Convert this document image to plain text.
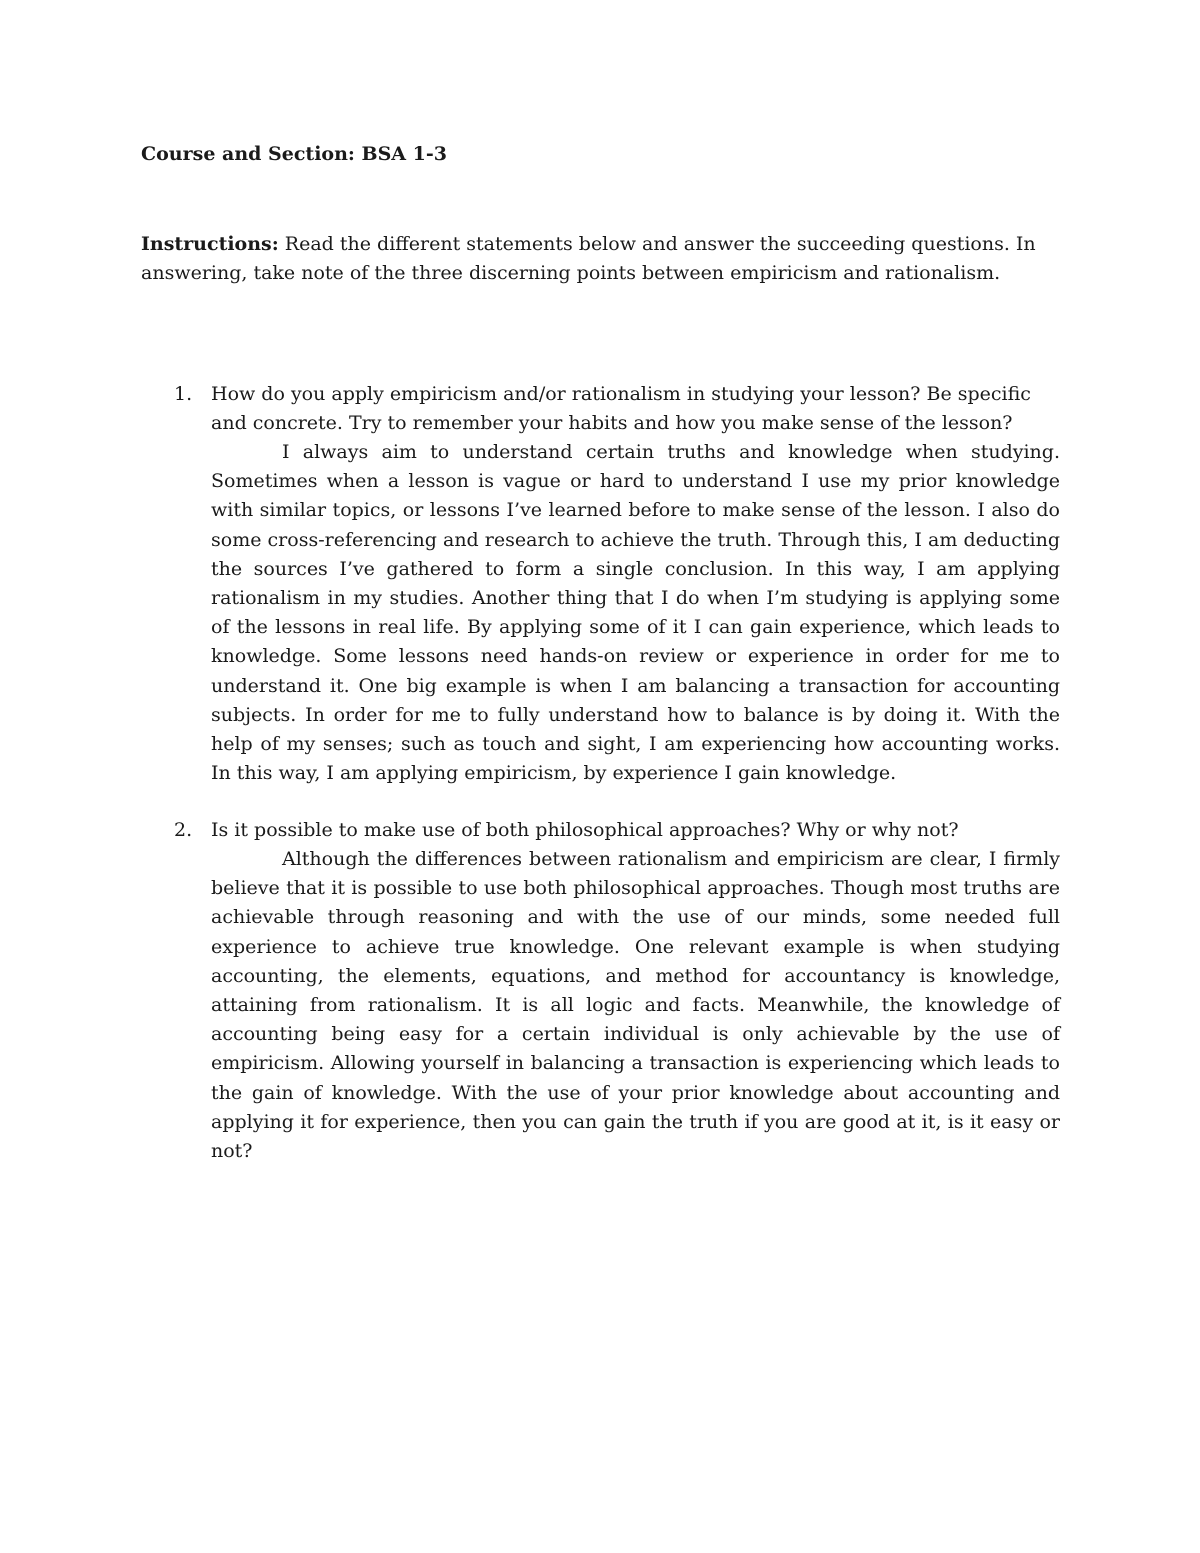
Course and Section: BSA 1-3
Instructions: Read the different statements below and answer the succeeding questions. In answering, take note of the three discerning points between empiricism and rationalism.
1. How do you apply empiricism and/or rationalism in studying your lesson? Be specific and concrete. Try to remember your habits and how you make sense of the lesson?

I always aim to understand certain truths and knowledge when studying. Sometimes when a lesson is vague or hard to understand I use my prior knowledge with similar topics, or lessons I’ve learned before to make sense of the lesson. I also do some cross-referencing and research to achieve the truth. Through this, I am deducting the sources I’ve gathered to form a single conclusion. In this way, I am applying rationalism in my studies. Another thing that I do when I’m studying is applying some of the lessons in real life. By applying some of it I can gain experience, which leads to knowledge. Some lessons need hands-on review or experience in order for me to understand it. One big example is when I am balancing a transaction for accounting subjects. In order for me to fully understand how to balance is by doing it. With the help of my senses; such as touch and sight, I am experiencing how accounting works. In this way, I am applying empiricism, by experience I gain knowledge.

2. Is it possible to make use of both philosophical approaches? Why or why not?

Although the differences between rationalism and empiricism are clear, I firmly believe that it is possible to use both philosophical approaches. Though most truths are achievable through reasoning and with the use of our minds, some needed full experience to achieve true knowledge. One relevant example is when studying accounting, the elements, equations, and method for accountancy is knowledge, attaining from rationalism. It is all logic and facts. Meanwhile, the knowledge of accounting being easy for a certain individual is only achievable by the use of empiricism. Allowing yourself in balancing a transaction is experiencing which leads to the gain of knowledge. With the use of your prior knowledge about accounting and applying it for experience, then you can gain the truth if you are good at it, is it easy or not?
